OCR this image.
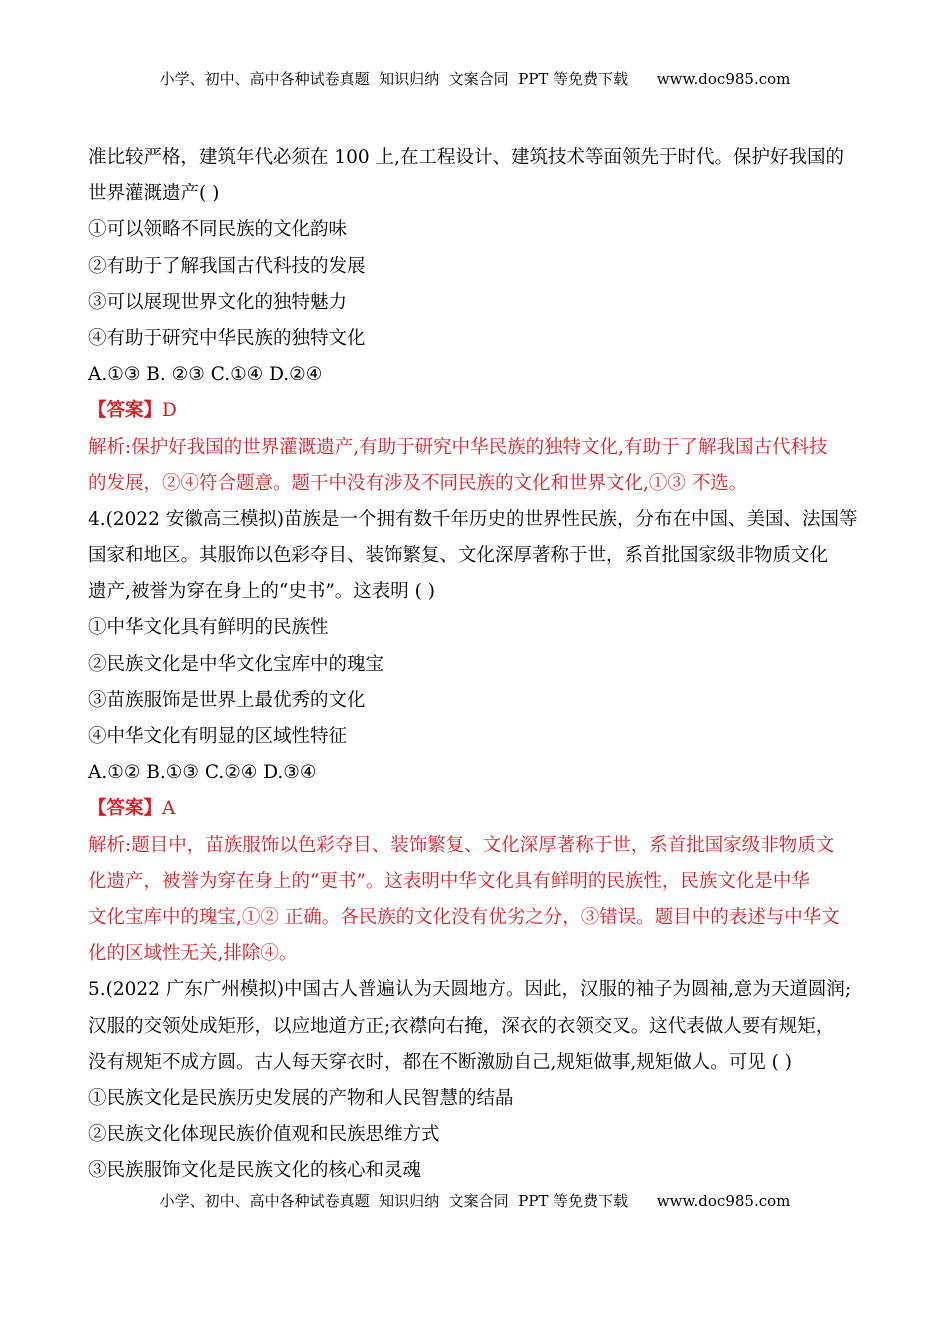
小学、初中、高中各种试卷真题  知识归纳  文案合同  PPT 等免费下载      www.doc985.com
准比较严格，建筑年代必须在 100 上,在工程设计、建筑技术等面领先于时代。保护好我国的
世界灌溉遗产( )
①可以领略不同民族的文化韵味
②有助于了解我国古代科技的发展
③可以展现世界文化的独特魅力
④有助于研究中华民族的独特文化
A.①③ B. ②③ C.①④ D.②④
【答案】D
解析:保护好我国的世界灌溉遗产,有助于研究中华民族的独特文化,有助于了解我国古代科技
的发展，②④符合题意。题干中没有涉及不同民族的文化和世界文化,①③ 不选。
4.(2022 安徽高三模拟)苗族是一个拥有数千年历史的世界性民族，分布在中国、美国、法国等
国家和地区。其服饰以色彩夺目、装饰繁复、文化深厚著称于世，系首批国家级非物质文化
遗产,被誉为穿在身上的“史书”。这表明 ( )
①中华文化具有鲜明的民族性
②民族文化是中华文化宝库中的瑰宝
③苗族服饰是世界上最优秀的文化
④中华文化有明显的区域性特征
A.①② B.①③ C.②④ D.③④
【答案】A
解析:题目中，苗族服饰以色彩夺目、装饰繁复、文化深厚著称于世，系首批国家级非物质文
化遗产，被誉为穿在身上的“更书”。这表明中华文化具有鲜明的民族性，民族文化是中华
文化宝库中的瑰宝,①② 正确。各民族的文化没有优劣之分，③错误。题目中的表述与中华文
化的区域性无关,排除④。
5.(2022 广东广州模拟)中国古人普遍认为天圆地方。因此，汉服的袖子为圆袖,意为天道圆润;
汉服的交领处成矩形，以应地道方正;衣襟向右掩，深衣的衣领交叉。这代表做人要有规矩，
没有规矩不成方圆。古人每天穿衣时，都在不断激励自己,规矩做事,规矩做人。可见 ( )
①民族文化是民族历史发展的产物和人民智慧的结晶
②民族文化体现民族价值观和民族思维方式
③民族服饰文化是民族文化的核心和灵魂
小学、初中、高中各种试卷真题  知识归纳  文案合同  PPT 等免费下载      www.doc985.com
